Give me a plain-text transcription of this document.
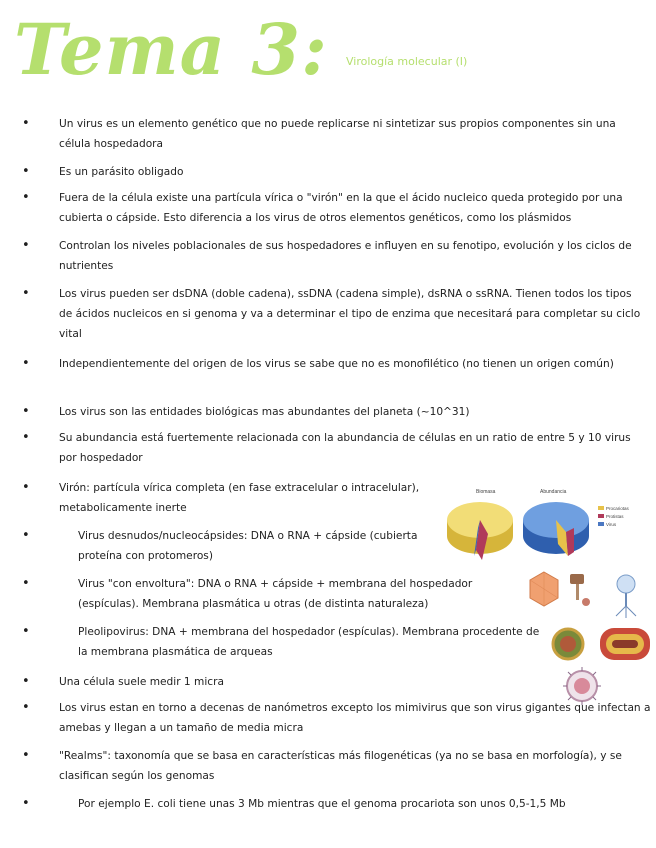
Tema 3: Virología molecular (I)
•	Un virus es un elemento genético que no puede replicarse ni sintetizar sus propios componentes sin una célula hospedadora
•	Es un parásito obligado
•	Fuera de la célula existe una partícula vírica o "virón" en la que el ácido nucleico queda protegido por una cubierta o cápside. Esto diferencia a los virus de otros elementos genéticos, como los plásmidos
•	Controlan los niveles poblacionales de sus hospedadores e influyen en su fenotipo, evolución y los ciclos de nutrientes
•	Los virus pueden ser dsDNA (doble cadena), ssDNA (cadena simple), dsRNA o ssRNA. Tienen todos los tipos de ácidos nucleicos en si genoma y va a determinar el tipo de enzima que necesitará para completar su ciclo vital
•	Independientemente del origen de los virus se sabe que no es monofilético (no tienen un origen común)
•	Los virus son las entidades biológicas mas abundantes del planeta (~10^31)
•	Su abundancia está fuertemente relacionada con la abundancia de células en un ratio de entre 5 y 10 virus por hospedador
•	Virón: partícula vírica completa (en fase extracelular o intracelular), metabolicamente inerte
•	Virus desnudos/nucleocápsides: DNA o RNA + cápside (cubierta proteína con protomeros)
•	Virus "con envoltura": DNA o RNA + cápside + membrana del hospedador (espículas). Membrana plasmática u otras (de distinta naturaleza)
•	Pleolipovirus: DNA + membrana del hospedador (espículas). Membrana procedente de la membrana plasmática de arqueas
•	Una célula suele medir 1 micra
•	Los virus estan en torno a decenas de nanómetros excepto los mimivirus que son virus gigantes que infectan a amebas y llegan a un tamaño de media micra
•	"Realms": taxonomía que se basa en características más filogenéticas (ya no se basa en morfología), y se clasifican según los genomas
•	Por ejemplo E. coli tiene unas 3 Mb mientras que el genoma procariota son unos 0,5-1,5 Mb
Biomasa	Abundancia
Procariotas
Protistas
Virus
